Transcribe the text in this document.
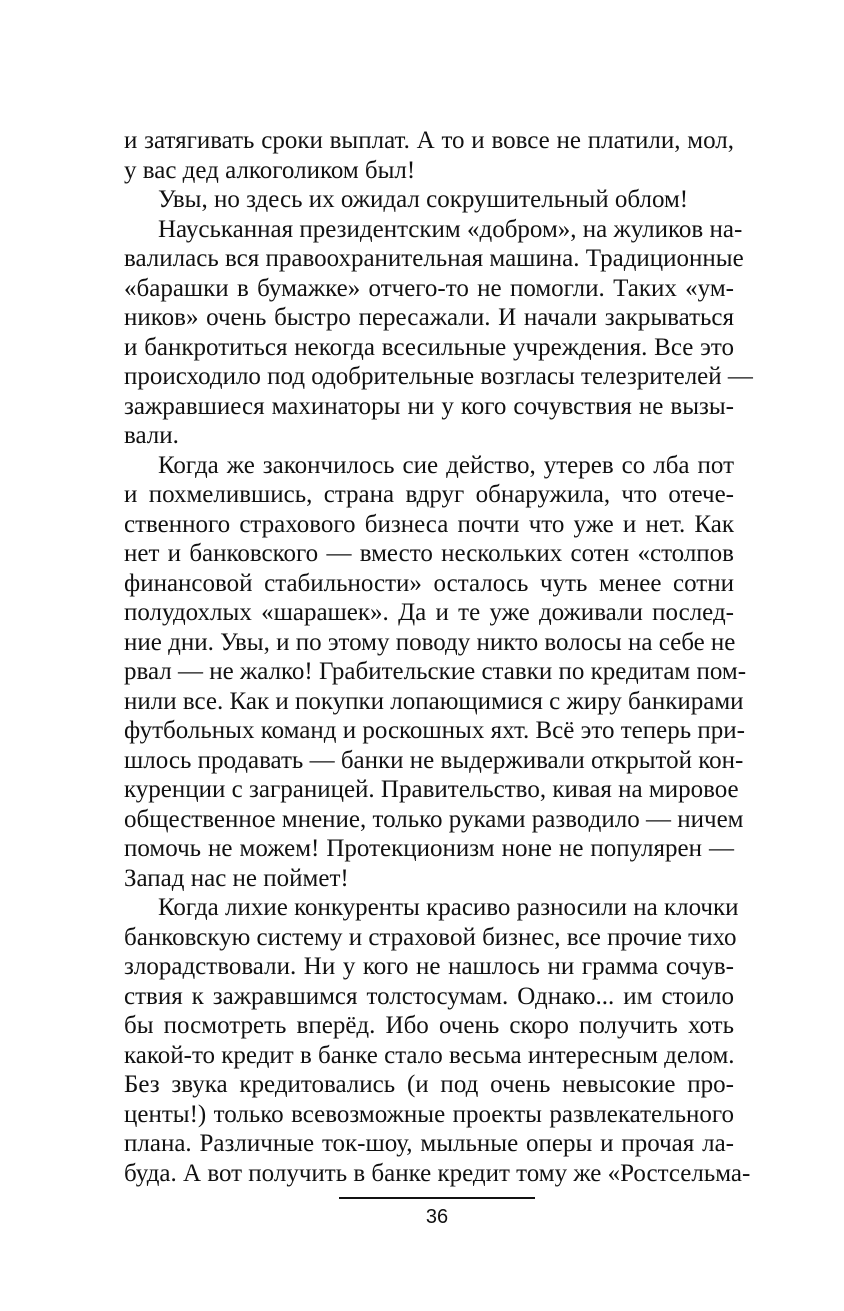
и затягивать сроки выплат. А то и вовсе не платили, мол,
у вас дед алкоголиком был!
Увы, но здесь их ожидал сокрушительный облом!
Науськанная президентским «добром», на жуликов на-
валилась вся правоохранительная машина. Традиционные
«барашки в бумажке» отчего-то не помогли. Таких «ум-
ников» очень быстро пересажали. И начали закрываться
и банкротиться некогда всесильные учреждения. Все это
происходило под одобрительные возгласы телезрителей —
зажравшиеся махинаторы ни у кого сочувствия не вызы-
вали.
Когда же закончилось сие действо, утерев со лба пот
и похмелившись, страна вдруг обнаружила, что отече-
ственного страхового бизнеса почти что уже и нет. Как
нет и банковского — вместо нескольких сотен «столпов
финансовой стабильности» осталось чуть менее сотни
полудохлых «шарашек». Да и те уже доживали послед-
ние дни. Увы, и по этому поводу никто волосы на себе не
рвал — не жалко! Грабительские ставки по кредитам пом-
нили все. Как и покупки лопающимися с жиру банкирами
футбольных команд и роскошных яхт. Всё это теперь при-
шлось продавать — банки не выдерживали открытой кон-
куренции с заграницей. Правительство, кивая на мировое
общественное мнение, только руками разводило — ничем
помочь не можем! Протекционизм ноне не популярен —
Запад нас не поймет!
Когда лихие конкуренты красиво разносили на клочки
банковскую систему и страховой бизнес, все прочие тихо
злорадствовали. Ни у кого не нашлось ни грамма сочув-
ствия к зажравшимся толстосумам. Однако... им стоило
бы посмотреть вперёд. Ибо очень скоро получить хоть
какой-то кредит в банке стало весьма интересным делом.
Без звука кредитовались (и под очень невысокие про-
центы!) только всевозможные проекты развлекательного
плана. Различные ток-шоу, мыльные оперы и прочая ла-
буда. А вот получить в банке кредит тому же «Ростсельма-
36
